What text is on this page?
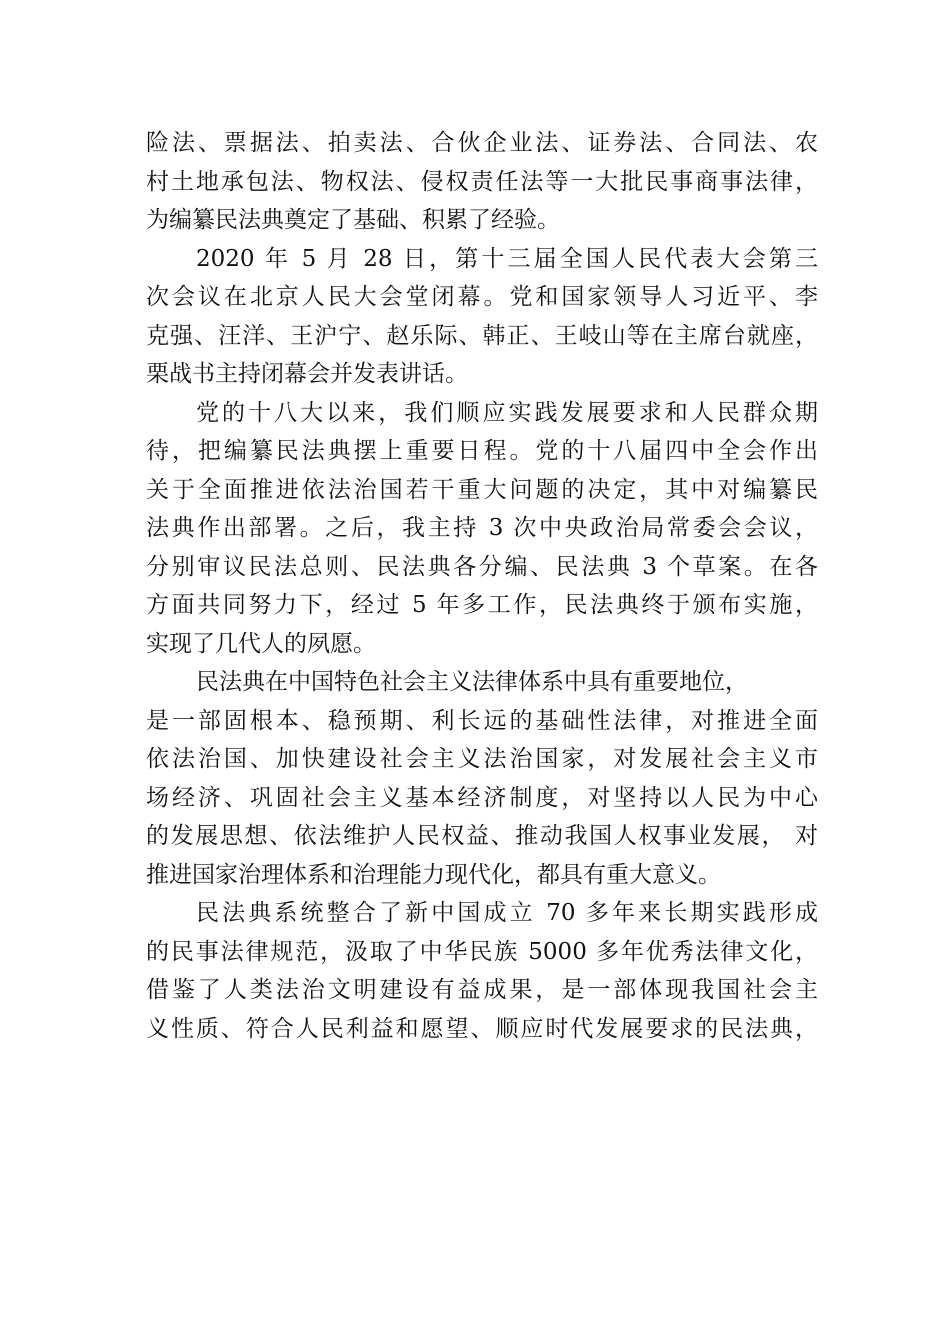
险法、票据法、拍卖法、合伙企业法、证券法、合同法、农
村土地承包法、物权法、侵权责任法等一大批民事商事法律，
为编纂民法典奠定了基础、积累了经验。
2020 年 5 月 28 日，第十三届全国人民代表大会第三
次会议在北京人民大会堂闭幕。党和国家领导人习近平、李
克强、汪洋、王沪宁、赵乐际、韩正、王岐山等在主席台就座，
栗战书主持闭幕会并发表讲话。
党的十八大以来，我们顺应实践发展要求和人民群众期
待，把编纂民法典摆上重要日程。党的十八届四中全会作出
关于全面推进依法治国若干重大问题的决定，其中对编纂民
法典作出部署。之后，我主持 3 次中央政治局常委会会议，
分别审议民法总则、民法典各分编、民法典 3 个草案。在各
方面共同努力下，经过 5 年多工作，民法典终于颁布实施，
实现了几代人的夙愿。
民法典在中国特色社会主义法律体系中具有重要地位，
是一部固根本、稳预期、利长远的基础性法律，对推进全面
依法治国、加快建设社会主义法治国家，对发展社会主义市
场经济、巩固社会主义基本经济制度，对坚持以人民为中心
的发展思想、依法维护人民权益、推动我国人权事业发展， 对
推进国家治理体系和治理能力现代化，都具有重大意义。
民法典系统整合了新中国成立 70 多年来长期实践形成
的民事法律规范，汲取了中华民族 5000 多年优秀法律文化，
借鉴了人类法治文明建设有益成果，是一部体现我国社会主
义性质、符合人民利益和愿望、顺应时代发展要求的民法典，
